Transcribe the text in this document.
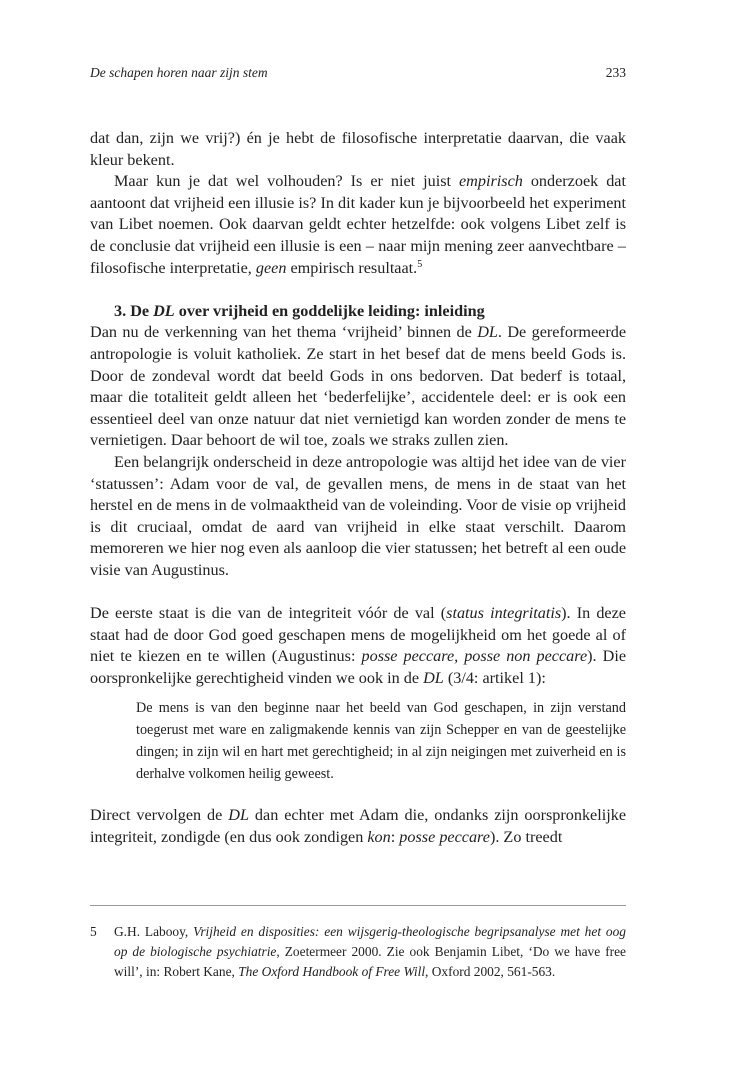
De schapen horen naar zijn stem	233

dat dan, zijn we vrij?) én je hebt de filosofische interpretatie daarvan, die vaak kleur bekent.

Maar kun je dat wel volhouden? Is er niet juist empirisch onderzoek dat aantoont dat vrijheid een illusie is? In dit kader kun je bijvoorbeeld het experiment van Libet noemen. Ook daarvan geldt echter hetzelfde: ook volgens Libet zelf is de conclusie dat vrijheid een illusie is een – naar mijn mening zeer aanvechtbare – filosofische interpretatie, geen empirisch resultaat.$^5$

3. De DL over vrijheid en goddelijke leiding: inleiding

Dan nu de verkenning van het thema ‘vrijheid’ binnen de DL. De gereformeerde antropologie is voluit katholiek. Ze start in het besef dat de mens beeld Gods is. Door de zondeval wordt dat beeld Gods in ons bedorven. Dat bederf is totaal, maar die totaliteit geldt alleen het ‘bederfelijke’, accidentele deel: er is ook een essentieel deel van onze natuur dat niet vernietigd kan worden zonder de mens te vernietigen. Daar behoort de wil toe, zoals we straks zullen zien.

Een belangrijk onderscheid in deze antropologie was altijd het idee van de vier ‘statussen’: Adam voor de val, de gevallen mens, de mens in de staat van het herstel en de mens in de volmaaktheid van de voleinding. Voor de visie op vrijheid is dit cruciaal, omdat de aard van vrijheid in elke staat verschilt. Daarom memoreren we hier nog even als aanloop die vier statussen; het betreft al een oude visie van Augustinus.

De eerste staat is die van de integriteit vóór de val (status integritatis). In deze staat had de door God goed geschapen mens de mogelijkheid om het goede al of niet te kiezen en te willen (Augustinus: posse peccare, posse non peccare). Die oorspronkelijke gerechtigheid vinden we ook in de DL (3/4: artikel 1):

De mens is van den beginne naar het beeld van God geschapen, in zijn verstand toegerust met ware en zaligmakende kennis van zijn Schepper en van de geestelijke dingen; in zijn wil en hart met gerechtigheid; in al zijn neigingen met zuiverheid en is derhalve volkomen heilig geweest.

Direct vervolgen de DL dan echter met Adam die, ondanks zijn oorspronkelijke integriteit, zondigde (en dus ook zondigen kon: posse peccare). Zo treedt

5 G.H. Labooy, Vrijheid en disposities: een wijsgerig-theologische begripsanalyse met het oog op de biologische psychiatrie, Zoetermeer 2000. Zie ook Benjamin Libet, ‘Do we have free will’, in: Robert Kane, The Oxford Handbook of Free Will, Oxford 2002, 561-563.
